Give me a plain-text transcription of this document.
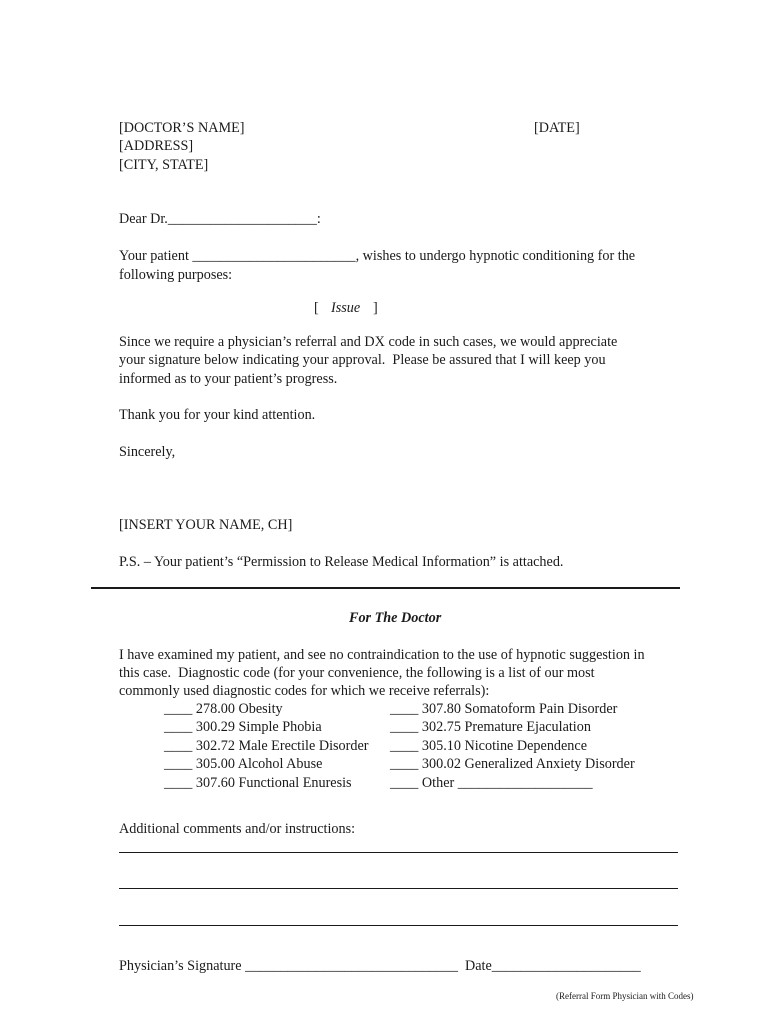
[DOCTOR’S NAME]	[DATE]
[ADDRESS]
[CITY, STATE]
Dear Dr._____________________:
Your patient _______________________, wishes to undergo hypnotic conditioning for the
following purposes:
[ Issue ]
Since we require a physician’s referral and DX code in such cases, we would appreciate
your signature below indicating your approval.  Please be assured that I will keep you
informed as to your patient’s progress.
Thank you for your kind attention.
Sincerely,
[INSERT YOUR NAME, CH]
P.S. – Your patient’s “Permission to Release Medical Information” is attached.
For The Doctor
I have examined my patient, and see no contraindication to the use of hypnotic suggestion in
this case.  Diagnostic code (for your convenience, the following is a list of our most
commonly used diagnostic codes for which we receive referrals):
____ 278.00 Obesity
____ 300.29 Simple Phobia
____ 302.72 Male Erectile Disorder
____ 305.00 Alcohol Abuse
____ 307.60 Functional Enuresis
____ 307.80 Somatoform Pain Disorder
____ 302.75 Premature Ejaculation
____ 305.10 Nicotine Dependence
____ 300.02 Generalized Anxiety Disorder
____ Other ___________________
Additional comments and/or instructions:
Physician’s Signature ______________________________  Date_____________________
(Referral Form Physician with Codes)
